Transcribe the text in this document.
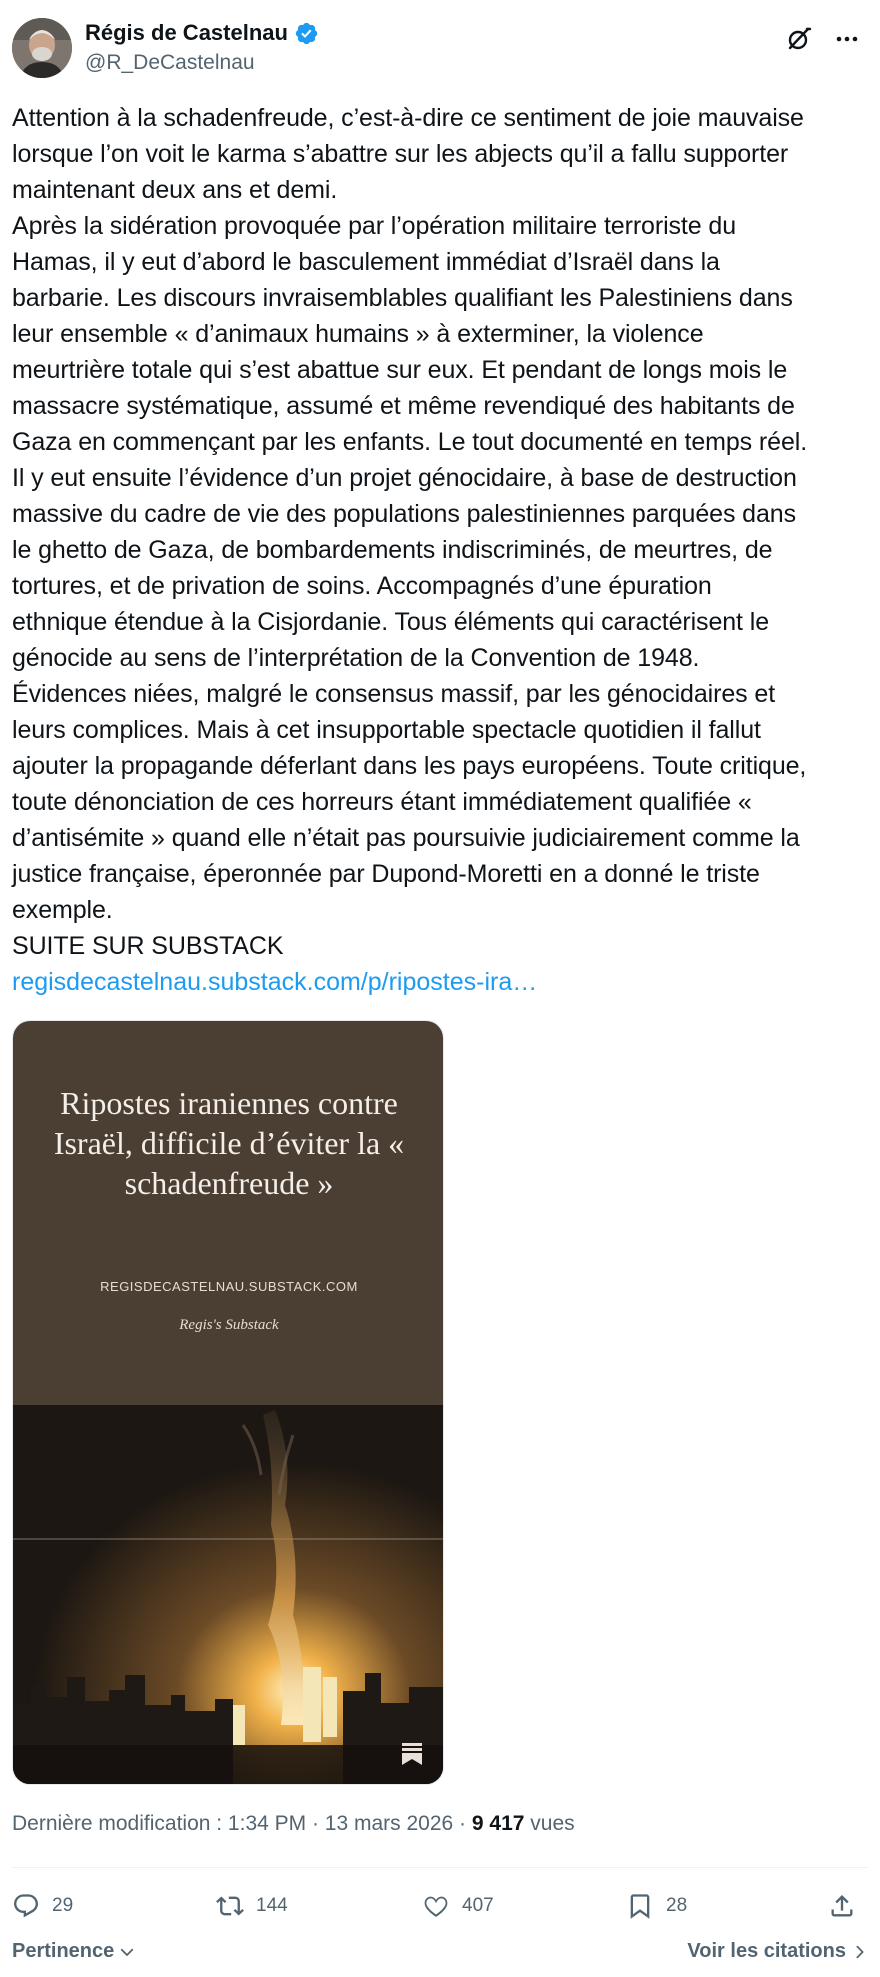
Régis de Castelnau
@R_DeCastelnau
Attention à la schadenfreude, c’est-à-dire ce sentiment de joie mauvaise
lorsque l’on voit le karma s’abattre sur les abjects qu’il a fallu supporter
maintenant deux ans et demi.
Après la sidération provoquée par l’opération militaire terroriste du
Hamas, il y eut d’abord le basculement immédiat d’Israël dans la
barbarie. Les discours invraisemblables qualifiant les Palestiniens dans
leur ensemble « d’animaux humains » à exterminer, la violence
meurtrière totale qui s’est abattue sur eux. Et pendant de longs mois le
massacre systématique, assumé et même revendiqué des habitants de
Gaza en commençant par les enfants. Le tout documenté en temps réel.
Il y eut ensuite l’évidence d’un projet génocidaire, à base de destruction
massive du cadre de vie des populations palestiniennes parquées dans
le ghetto de Gaza, de bombardements indiscriminés, de meurtres, de
tortures, et de privation de soins. Accompagnés d’une épuration
ethnique étendue à la Cisjordanie. Tous éléments qui caractérisent le
génocide au sens de l’interprétation de la Convention de 1948.
Évidences niées, malgré le consensus massif, par les génocidaires et
leurs complices. Mais à cet insupportable spectacle quotidien il fallut
ajouter la propagande déferlant dans les pays européens. Toute critique,
toute dénonciation de ces horreurs étant immédiatement qualifiée «
d’antisémite » quand elle n’était pas poursuivie judiciairement comme la
justice française, éperonnée par Dupond-Moretti en a donné le triste
exemple.
SUITE SUR SUBSTACK
regisdecastelnau.substack.com/p/ripostes-ira…
Ripostes iraniennes contre Israël, difficile d’éviter la « schadenfreude »
REGISDECASTELNAU.SUBSTACK.COM
Regis's Substack
Dernière modification : 1:34 PM · 13 mars 2026 · 9 417 vues
29	144	407	28
Pertinence	Voir les citations
